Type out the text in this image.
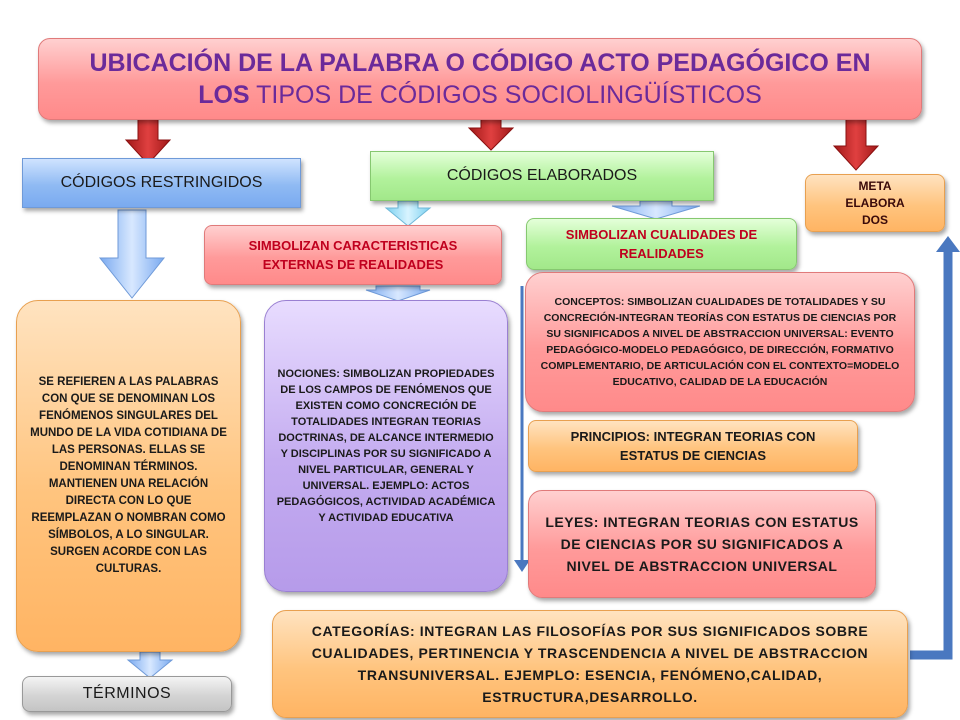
UBICACIÓN DE LA PALABRA O CÓDIGO ACTO PEDAGÓGICO EN
LOS TIPOS DE CÓDIGOS SOCIOLINGÜÍSTICOS
CÓDIGOS RESTRINGIDOS	CÓDIGOS ELABORADOS
META ELABORA DOS
SIMBOLIZAN CARACTERISTICAS EXTERNAS DE REALIDADES
SIMBOLIZAN CUALIDADES DE REALIDADES
SE REFIEREN A LAS PALABRAS CON QUE SE DENOMINAN LOS FENÓMENOS SINGULARES DEL MUNDO DE LA VIDA COTIDIANA DE LAS PERSONAS. ELLAS SE DENOMINAN TÉRMINOS. MANTIENEN UNA RELACIÓN DIRECTA CON LO QUE REEMPLAZAN O NOMBRAN COMO SÍMBOLOS, A LO SINGULAR. SURGEN ACORDE CON LAS CULTURAS.
NOCIONES: SIMBOLIZAN PROPIEDADES DE LOS CAMPOS DE FENÓMENOS QUE EXISTEN COMO CONCRECIÓN DE TOTALIDADES INTEGRAN TEORIAS DOCTRINAS, DE ALCANCE INTERMEDIO Y DISCIPLINAS POR SU SIGNIFICADO A NIVEL PARTICULAR, GENERAL Y UNIVERSAL. EJEMPLO: ACTOS PEDAGÓGICOS, ACTIVIDAD ACADÉMICA Y ACTIVIDAD EDUCATIVA
CONCEPTOS: SIMBOLIZAN CUALIDADES DE TOTALIDADES Y SU CONCRECIÓN-INTEGRAN TEORÍAS CON ESTATUS DE CIENCIAS POR SU SIGNIFICADOS A NIVEL DE ABSTRACCION UNIVERSAL: EVENTO PEDAGÓGICO-MODELO PEDAGÓGICO, DE DIRECCIÓN, FORMATIVO COMPLEMENTARIO, DE ARTICULACIÓN CON EL CONTEXTO=MODELO EDUCATIVO, CALIDAD DE LA EDUCACIÓN
PRINCIPIOS: INTEGRAN TEORIAS CON ESTATUS DE CIENCIAS
LEYES: INTEGRAN TEORIAS CON ESTATUS DE CIENCIAS POR SU SIGNIFICADOS A NIVEL DE ABSTRACCION UNIVERSAL
CATEGORÍAS: INTEGRAN LAS FILOSOFÍAS POR SUS SIGNIFICADOS SOBRE CUALIDADES, PERTINENCIA Y TRASCENDENCIA A NIVEL DE ABSTRACCION TRANSUNIVERSAL. EJEMPLO: ESENCIA, FENÓMENO,CALIDAD, ESTRUCTURA,DESARROLLO.
TÉRMINOS
